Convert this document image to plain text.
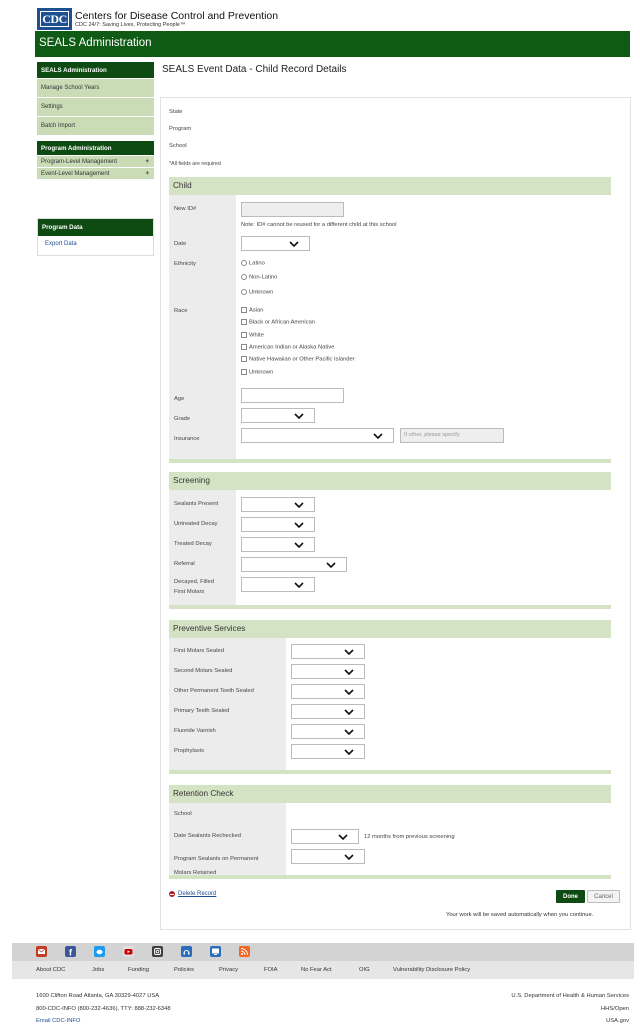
CDC Centers for Disease Control and Prevention
CDC 24/7: Saving Lives, Protecting People™
SEALS Administration
SEALS Administration
Manage School Years
Settings
Batch Import
Program Administration
Program-Level Management	+
Event-Level Management	+
Program Data
Export Data
SEALS Event Data - Child Record Details
State
Program
School
*All fields are required
Child
New ID#
Note: ID# cannot be reused for a different child at this school
Date
Ethnicity	Latino
Non-Latino
Unknown
Race	Asian
Black or African American
White
American Indian or Alaska Native
Native Hawaiian or Other Pacific Islander
Unknown
Age
Grade
Insurance
If other, please specify
Screening
Sealants Present
Untreated Decay
Treated Decay
Referral
Decayed, Filled
First Molars
Preventive Services
First Molars Sealed
Second Molars Sealed
Other Permanent Teeth Sealed
Primary Teeth Sealed
Fluoride Varnish
Prophylaxis
Retention Check
School
Date Sealants Rechecked	12 months from previous screening
Program Sealants on Permanent
Molars Retained
Delete Record	Done	Cancel
Your work will be saved automatically when you continue.
f
About CDC	Jobs	Funding	Policies	Privacy	FOIA	No Fear Act	OIG	Vulnerability Disclosure Policy
1600 Clifton Road Atlanta, GA 30329-4027 USA
800-CDC-INFO (800-232-4636), TTY: 888-232-6348
Email CDC-INFO
U.S. Department of Health & Human Services
HHS/Open
USA.gov
